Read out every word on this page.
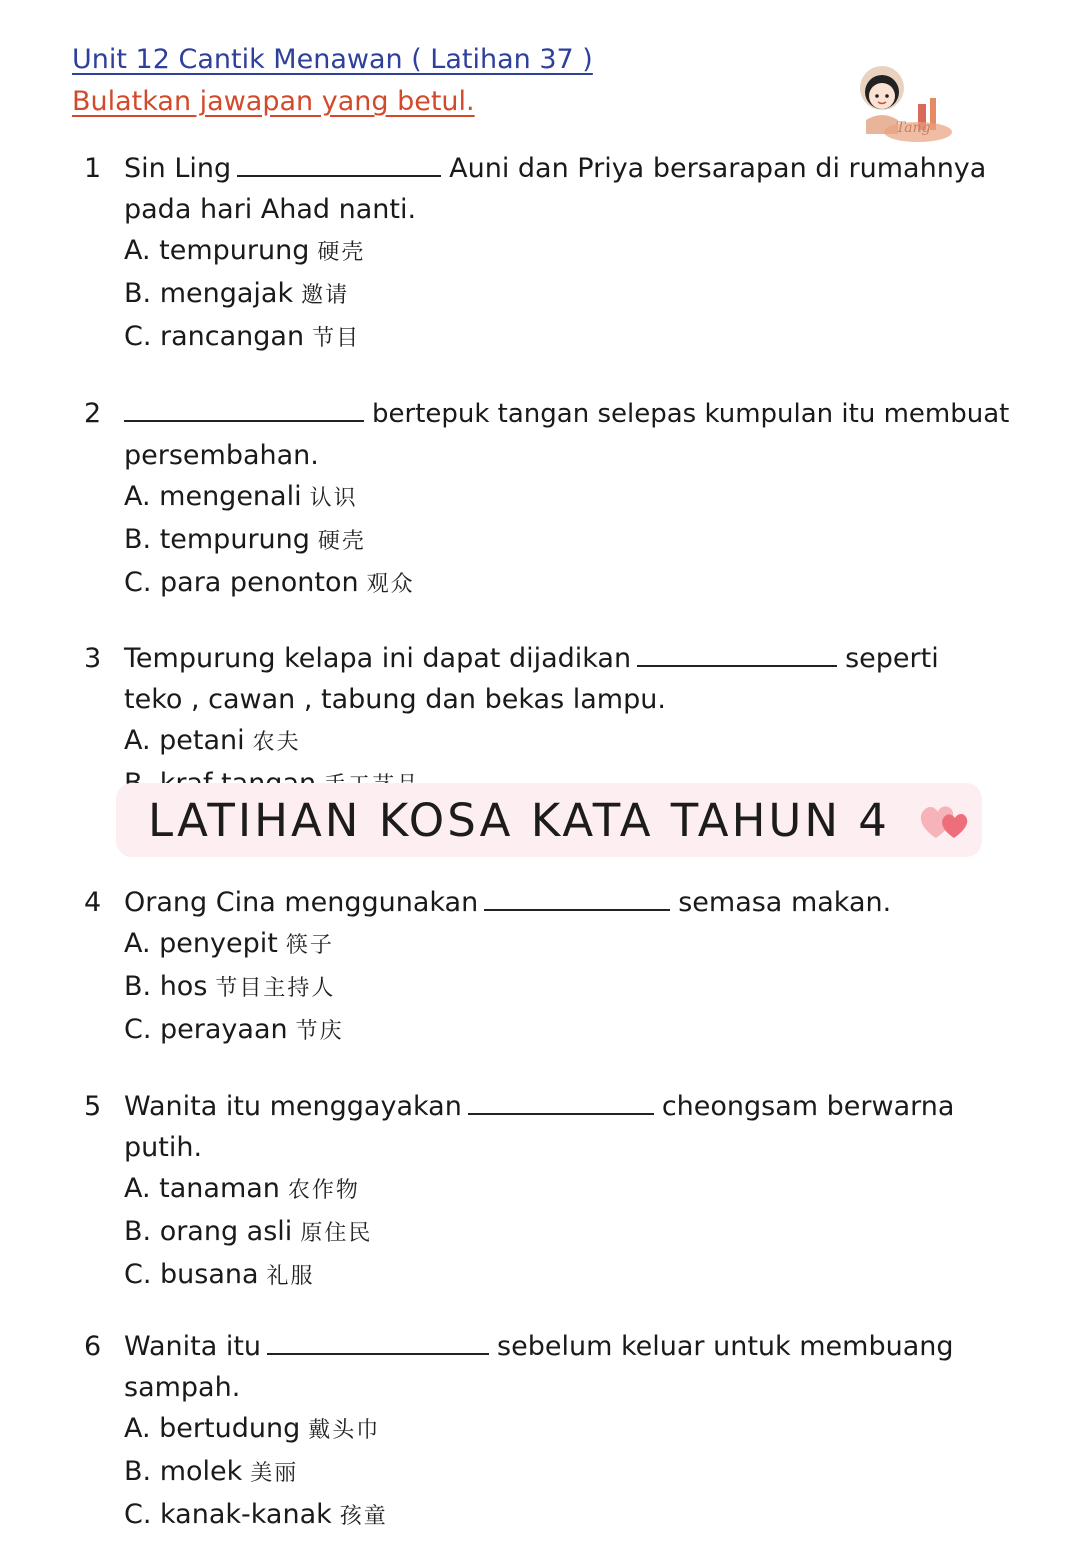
Unit 12 Cantik Menawan ( Latihan 37 )
Bulatkan jawapan yang betul.
Tang
1 Sin Ling	Auni dan Priya bersarapan di rumahnya
pada hari Ahad nanti.
A. tempurung 硬壳
B. mengajak 邀请
C. rancangan 节目
2	bertepuk tangan selepas kumpulan itu membuat
persembahan.
A. mengenali 认识
B. tempurung 硬壳
C. para penonton 观众
3 Tempurung kelapa ini dapat dijadikan	seperti
teko , cawan , tabung dan bekas lampu.
A. petani 农夫
LATIHAN KOSA KATA TAHUN 4
4 Orang Cina menggunakan	semasa makan.
A. penyepit 筷子
B. hos 节目主持人
C. perayaan 节庆
5 Wanita itu menggayakan	cheongsam berwarna
putih.
A. tanaman 农作物
B. orang asli 原住民
C. busana 礼服
6 Wanita itu	sebelum keluar untuk membuang
sampah.
A. bertudung 戴头巾
B. molek 美丽
C. kanak-kanak 孩童
